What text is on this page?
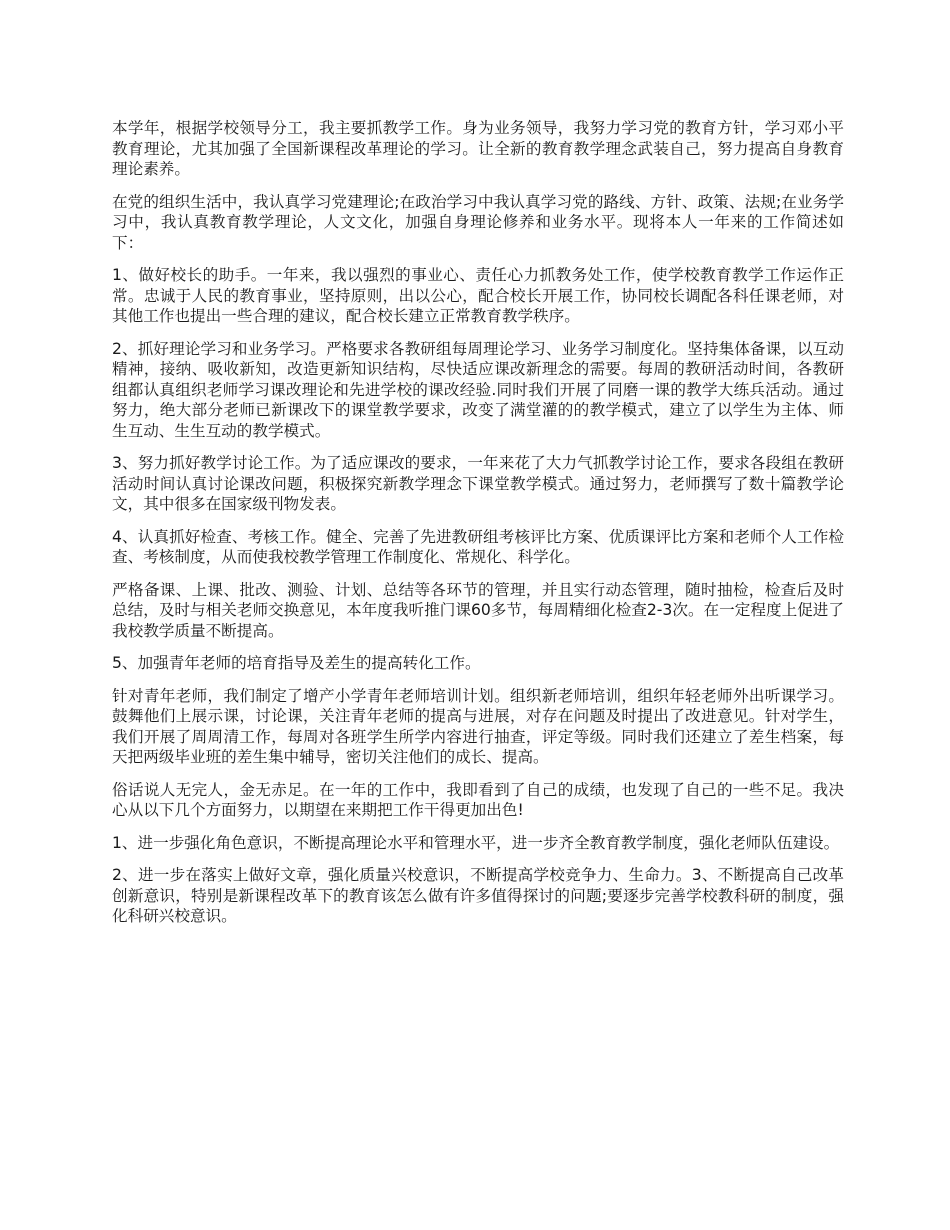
本学年，根据学校领导分工，我主要抓教学工作。身为业务领导，我努力学习党的教育方针，学习邓小平教育理论，尤其加强了全国新课程改革理论的学习。让全新的教育教学理念武装自己，努力提高自身教育理论素养。

在党的组织生活中，我认真学习党建理论;在政治学习中我认真学习党的路线、方针、政策、法规;在业务学习中，我认真教育教学理论，人文文化，加强自身理论修养和业务水平。现将本人一年来的工作简述如下：

1、做好校长的助手。一年来，我以强烈的事业心、责任心力抓教务处工作，使学校教育教学工作运作正常。忠诚于人民的教育事业，坚持原则，出以公心，配合校长开展工作，协同校长调配各科任课老师，对其他工作也提出一些合理的建议，配合校长建立正常教育教学秩序。

2、抓好理论学习和业务学习。严格要求各教研组每周理论学习、业务学习制度化。坚持集体备课，以互动精神，接纳、吸收新知，改造更新知识结构，尽快适应课改新理念的需要。每周的教研活动时间，各教研组都认真组织老师学习课改理论和先进学校的课改经验.同时我们开展了同磨一课的教学大练兵活动。通过努力，绝大部分老师已新课改下的课堂教学要求，改变了满堂灌的的教学模式，建立了以学生为主体、师生互动、生生互动的教学模式。

3、努力抓好教学讨论工作。为了适应课改的要求，一年来花了大力气抓教学讨论工作，要求各段组在教研活动时间认真讨论课改问题，积极探究新教学理念下课堂教学模式。通过努力，老师撰写了数十篇教学论文，其中很多在国家级刊物发表。

4、认真抓好检查、考核工作。健全、完善了先进教研组考核评比方案、优质课评比方案和老师个人工作检查、考核制度，从而使我校教学管理工作制度化、常规化、科学化。

严格备课、上课、批改、测验、计划、总结等各环节的管理，并且实行动态管理，随时抽检，检查后及时总结，及时与相关老师交换意见，本年度我听推门课60多节，每周精细化检查2-3次。在一定程度上促进了我校教学质量不断提高。

5、加强青年老师的培育指导及差生的提高转化工作。

针对青年老师，我们制定了增产小学青年老师培训计划。组织新老师培训，组织年轻老师外出听课学习。鼓舞他们上展示课，讨论课，关注青年老师的提高与进展，对存在问题及时提出了改进意见。针对学生，我们开展了周周清工作，每周对各班学生所学内容进行抽查，评定等级。同时我们还建立了差生档案，每天把两级毕业班的差生集中辅导，密切关注他们的成长、提高。

俗话说人无完人，金无赤足。在一年的工作中，我即看到了自己的成绩，也发现了自己的一些不足。我决心从以下几个方面努力，以期望在来期把工作干得更加出色!

1、进一步强化角色意识，不断提高理论水平和管理水平，进一步齐全教育教学制度，强化老师队伍建设。

2、进一步在落实上做好文章，强化质量兴校意识，不断提高学校竞争力、生命力。3、不断提高自己改革创新意识，特别是新课程改革下的教育该怎么做有许多值得探讨的问题;要逐步完善学校教科研的制度，强化科研兴校意识。
